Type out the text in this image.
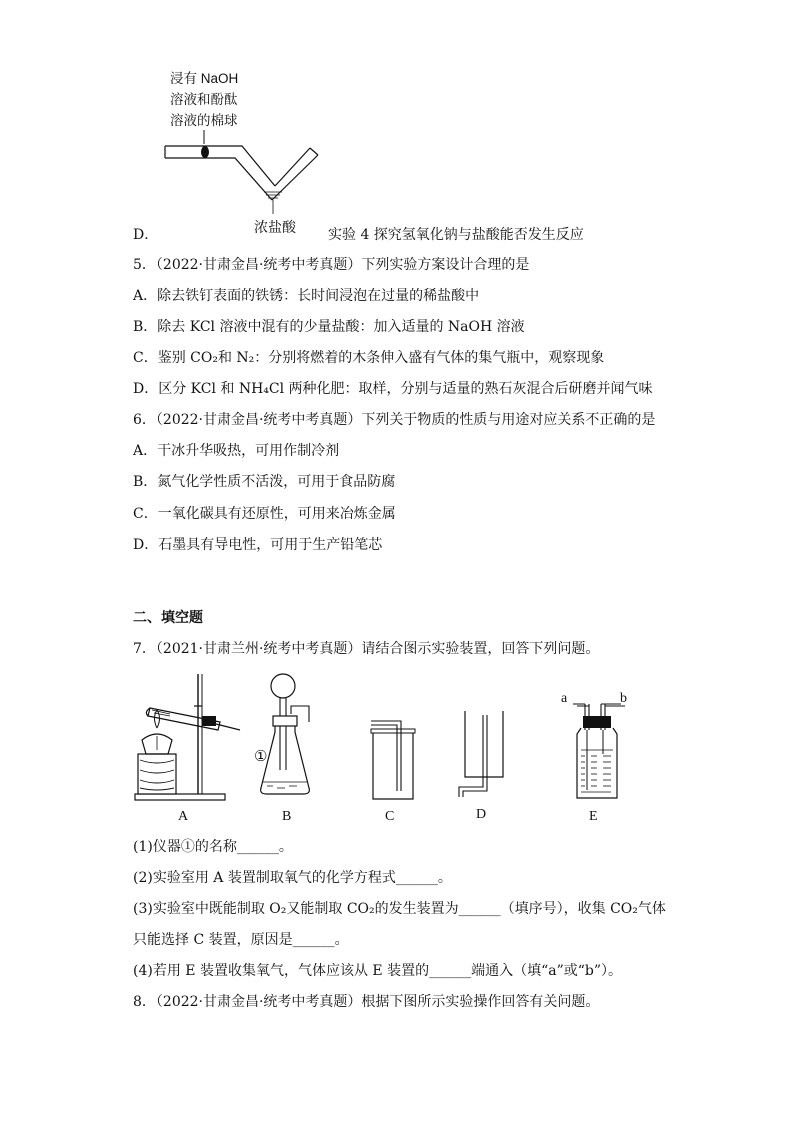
浸有 NaOH
溶液和酚酞
溶液的棉球
浓盐酸
D．	实验 4 探究氢氧化钠与盐酸能否发生反应
5．（2022·甘肃金昌·统考中考真题）下列实验方案设计合理的是
A．除去铁钉表面的铁锈：长时间浸泡在过量的稀盐酸中
B．除去 KCl 溶液中混有的少量盐酸：加入适量的 NaOH 溶液
C．鉴别 CO₂和 N₂：分别将燃着的木条伸入盛有气体的集气瓶中，观察现象
D．区分 KCl 和 NH₄Cl 两种化肥：取样，分别与适量的熟石灰混合后研磨并闻气味
6．（2022·甘肃金昌·统考中考真题）下列关于物质的性质与用途对应关系不正确的是
A．干冰升华吸热，可用作制冷剂
B．氮气化学性质不活泼，可用于食品防腐
C．一氧化碳具有还原性，可用来冶炼金属
D．石墨具有导电性，可用于生产铅笔芯
二、填空题
7．（2021·甘肃兰州·统考中考真题）请结合图示实验装置，回答下列问题。
①
a	b
A	B	C	D	E
(1)仪器①的名称______。
(2)实验室用 A 装置制取氧气的化学方程式______。
(3)实验室中既能制取 O₂又能制取 CO₂的发生装置为______（填序号），收集 CO₂气体
只能选择 C 装置，原因是______。
(4)若用 E 装置收集氧气，气体应该从 E 装置的______端通入（填“a”或“b”）。
8．（2022·甘肃金昌·统考中考真题）根据下图所示实验操作回答有关问题。
